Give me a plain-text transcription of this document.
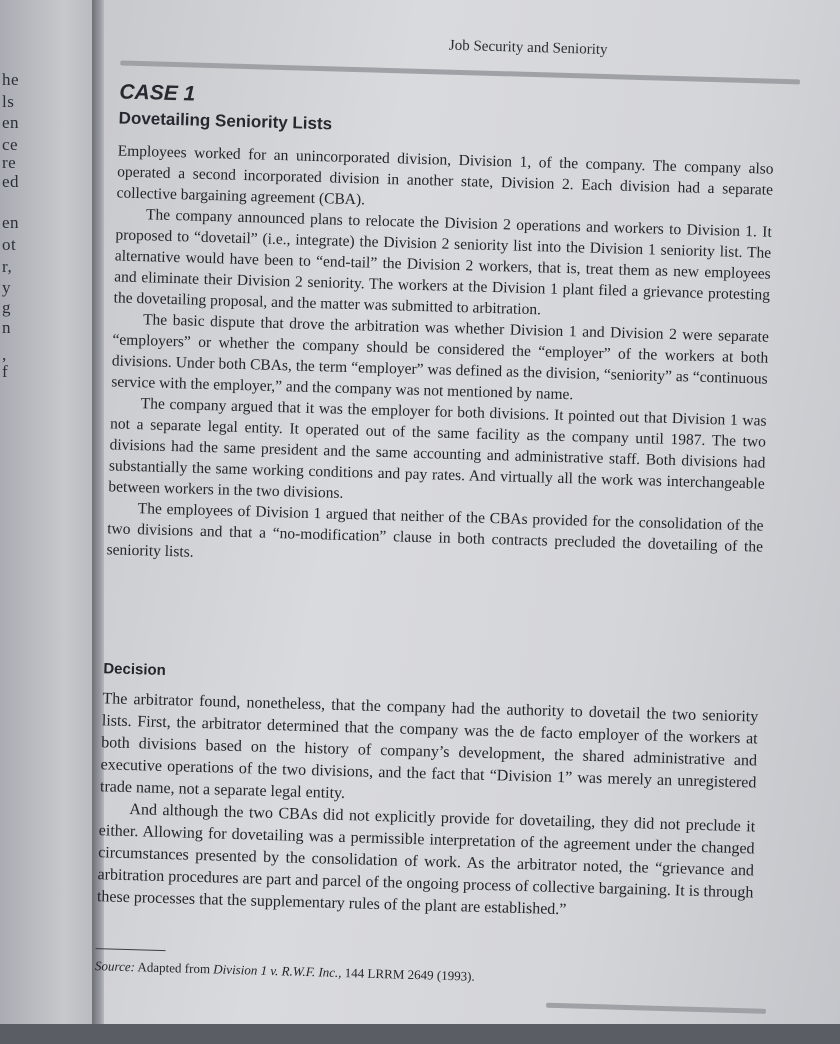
he
ls
en
ce
re
ed
en
ot
r,
y
g
n
,
f
Job Security and Seniority
CASE 1
Dovetailing Seniority Lists

Employees worked for an unincorporated division, Division 1, of the company. The company also operated a second incorporated division in another state, Division 2. Each division had a separate collective bargaining agreement (CBA).

The company announced plans to relocate the Division 2 operations and workers to Division 1. It proposed to “dovetail” (i.e., integrate) the Division 2 seniority list into the Division 1 seniority list. The alternative would have been to “end-tail” the Division 2 workers, that is, treat them as new employees and eliminate their Division 2 seniority. The workers at the Division 1 plant filed a grievance protesting the dovetailing proposal, and the matter was submitted to arbitration.

The basic dispute that drove the arbitration was whether Division 1 and Division 2 were separate “employers” or whether the company should be considered the “employer” of the workers at both divisions. Under both CBAs, the term “employer” was defined as the division, “seniority” as “continuous service with the employer,” and the company was not mentioned by name.

The company argued that it was the employer for both divisions. It pointed out that Division 1 was not a separate legal entity. It operated out of the same facility as the company until 1987. The two divisions had the same president and the same accounting and administrative staff. Both divisions had substantially the same working conditions and pay rates. And virtually all the work was interchangeable between workers in the two divisions.

The employees of Division 1 argued that neither of the CBAs provided for the consolidation of the two divisions and that a “no-modification” clause in both contracts precluded the dovetailing of the seniority lists.

Decision

The arbitrator found, nonetheless, that the company had the authority to dovetail the two seniority lists. First, the arbitrator determined that the company was the de facto employer of the workers at both divisions based on the history of company’s development, the shared administrative and executive operations of the two divisions, and the fact that “Division 1” was merely an unregistered trade name, not a separate legal entity.

And although the two CBAs did not explicitly provide for dovetailing, they did not preclude it either. Allowing for dovetailing was a permissible interpretation of the agreement under the changed circumstances presented by the consolidation of work. As the arbitrator noted, the “grievance and arbitration procedures are part and parcel of the ongoing process of collective bargaining. It is through these processes that the supplementary rules of the plant are established.”

Source: Adapted from Division 1 v. R.W.F. Inc., 144 LRRM 2649 (1993).
